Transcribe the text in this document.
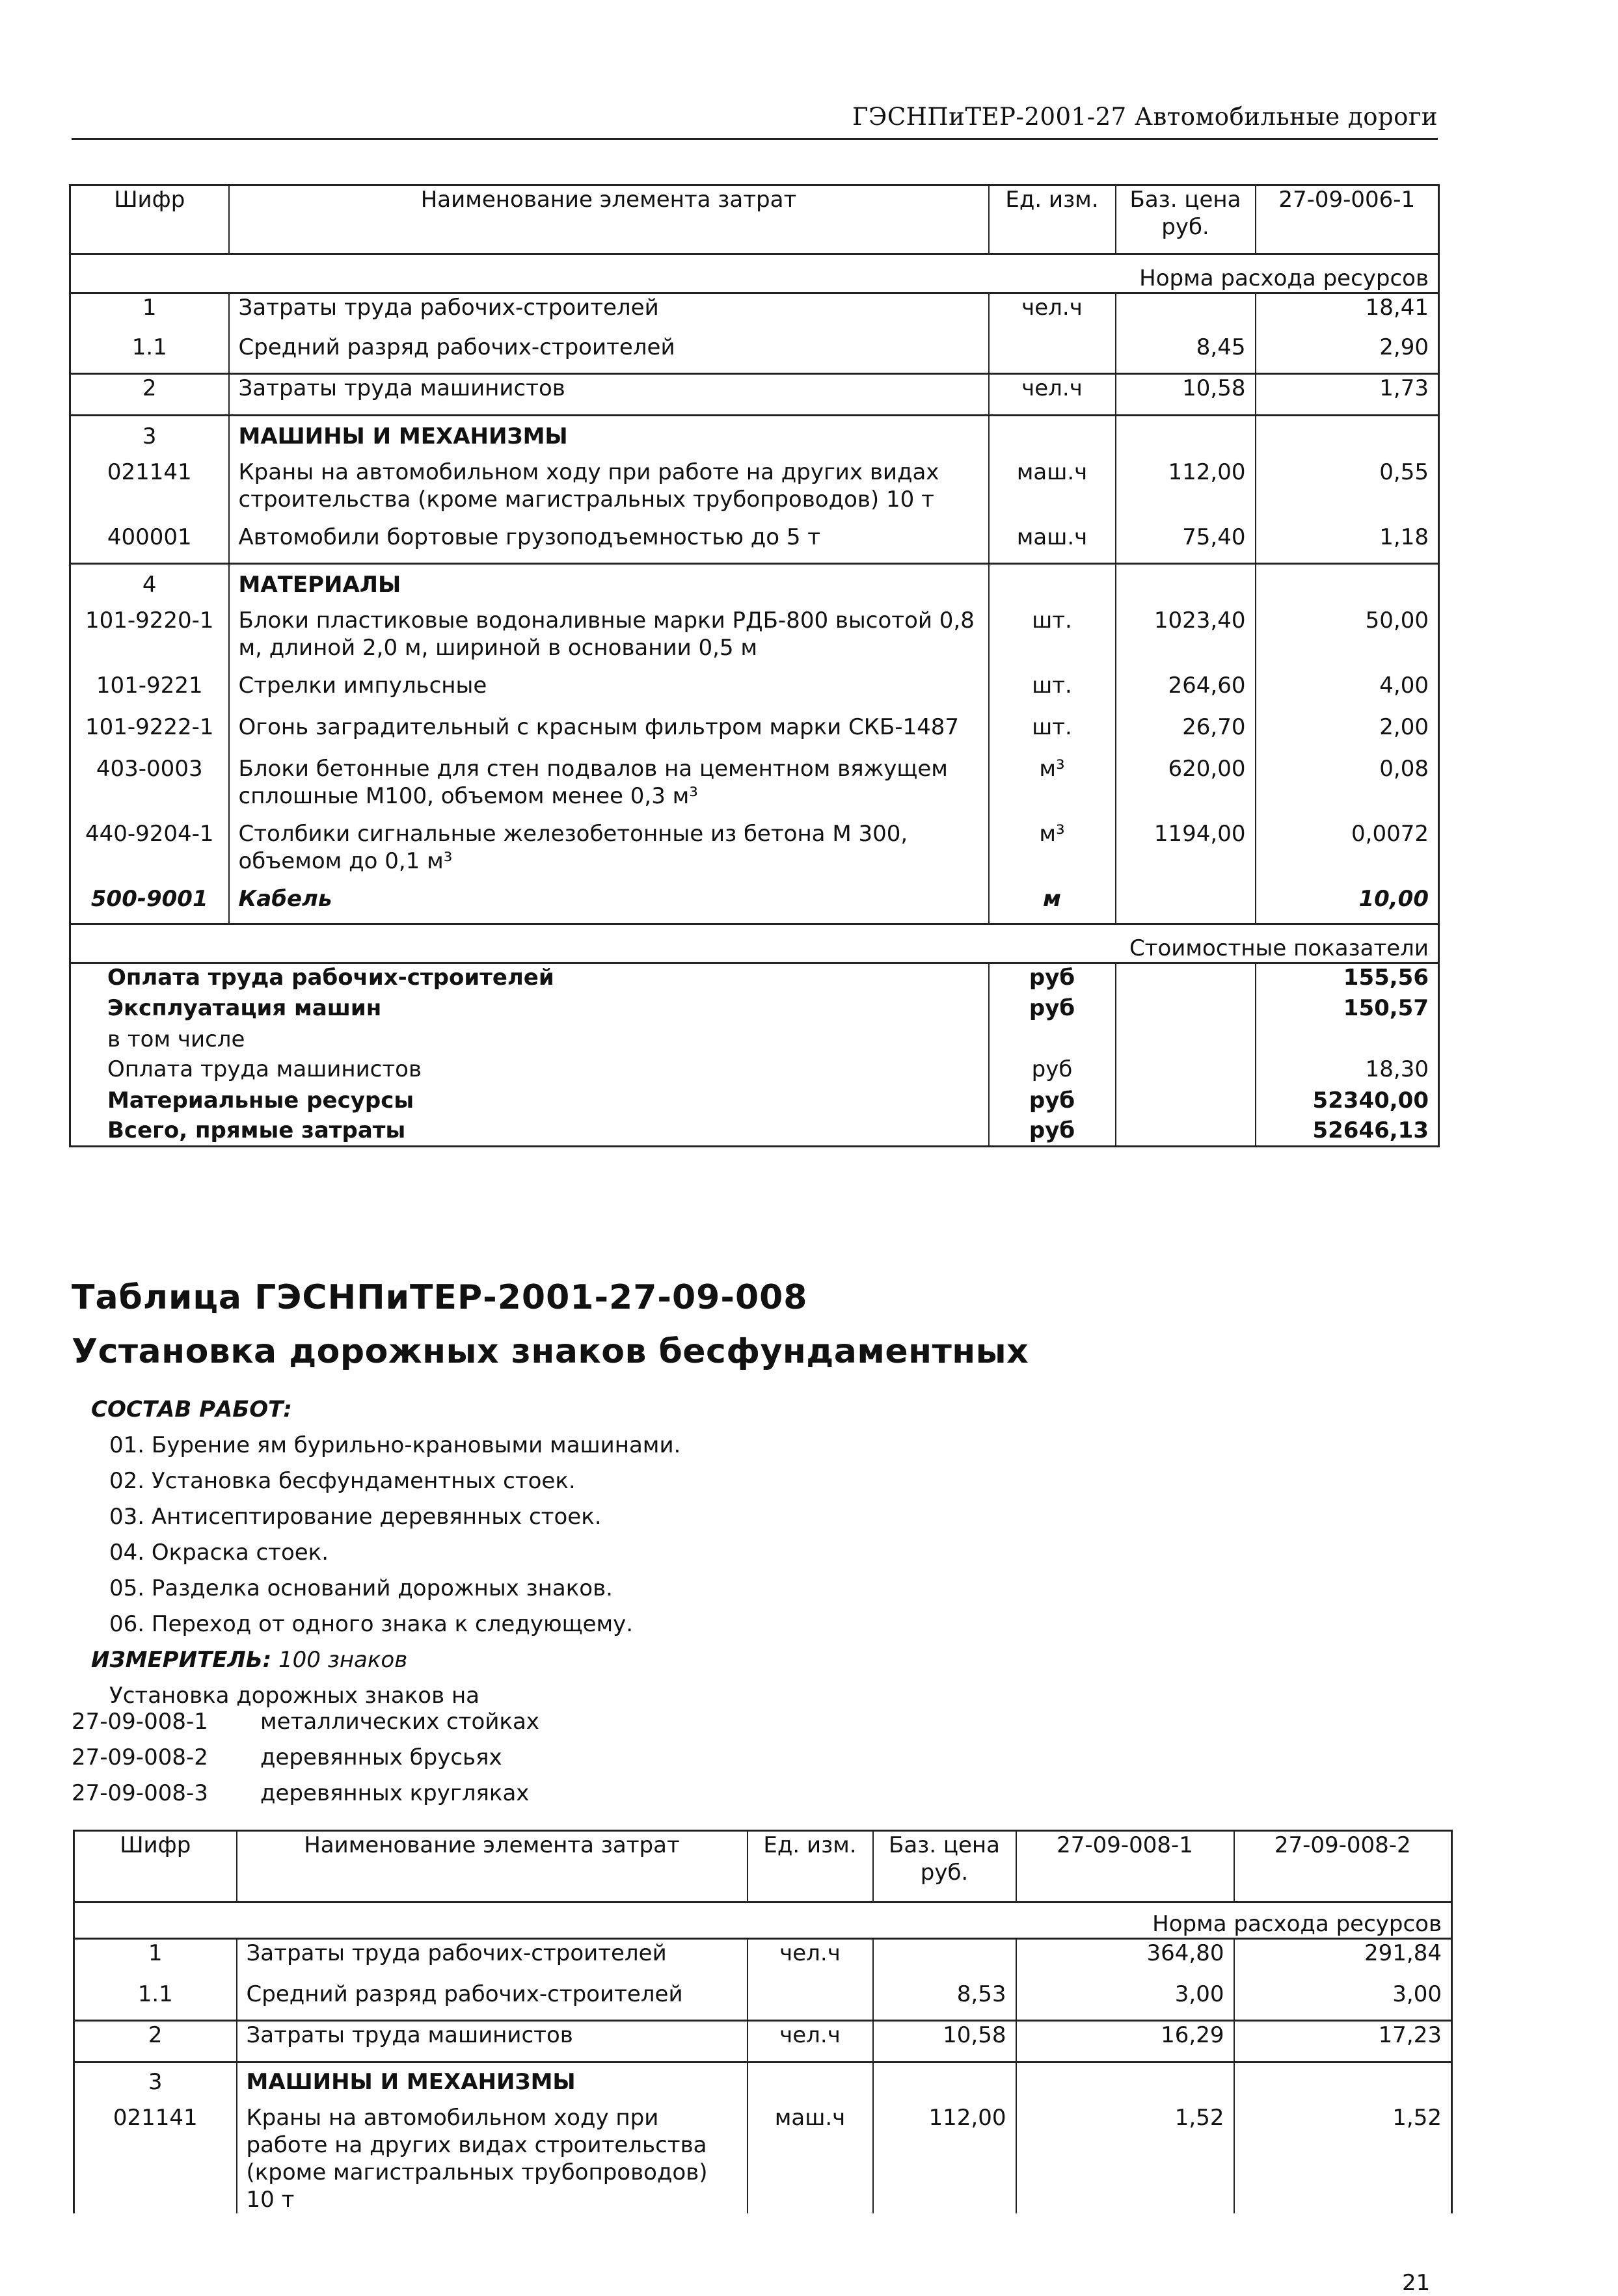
ГЭСНПиТЕР-2001-27 Автомобильные дороги
Шифр	Наименование элемента затрат	Ед. изм.	Баз. цена руб.	27-09-006-1
Норма расхода ресурсов				
1	Затраты труда рабочих-строителей	чел.ч		18,41
1.1	Средний разряд рабочих-строителей		8,45	2,90
2	Затраты труда машинистов	чел.ч	10,58	1,73
3	МАШИНЫ И МЕХАНИЗМЫ			
021141	Краны на автомобильном ходу при работе на других видах строительства (кроме магистральных трубопроводов) 10 т	маш.ч	112,00	0,55
400001	Автомобили бортовые грузоподъемностью до 5 т	маш.ч	75,40	1,18
4	МАТЕРИАЛЫ			
101-9220-1	Блоки пластиковые водоналивные марки РДБ-800 высотой 0,8 м, длиной 2,0 м, шириной в основании 0,5 м	шт.	1023,40	50,00
101-9221	Стрелки импульсные	шт.	264,60	4,00
101-9222-1	Огонь заградительный с красным фильтром марки СКБ-1487	шт.	26,70	2,00
403-0003	Блоки бетонные для стен подвалов на цементном вяжущем сплошные М100, объемом менее 0,3 м³	м³	620,00	0,08
440-9204-1	Столбики сигнальные железобетонные из бетона М 300, объемом до 0,1 м³	м³	1194,00	0,0072
500-9001	Кабель	м		10,00
Стоимостные показатели				
Оплата труда рабочих-строителей		руб		155,56
Эксплуатация машин		руб		150,57
в том числе				
Оплата труда машинистов		руб		18,30
Материальные ресурсы		руб		52340,00
Всего, прямые затраты		руб		52646,13
Таблица ГЭСНПиТЕР-2001-27-09-008
Установка дорожных знаков бесфундаментных
СОСТАВ РАБОТ:
01. Бурение ям бурильно-крановыми машинами.
02. Установка бесфундаментных стоек.
03. Антисептирование деревянных стоек.
04. Окраска стоек.
05. Разделка оснований дорожных знаков.
06. Переход от одного знака к следующему.
ИЗМЕРИТЕЛЬ: 100 знаков
Установка дорожных знаков на
27-09-008-1	металлических стойках
27-09-008-2	деревянных брусьях
27-09-008-3	деревянных кругляках
Шифр	Наименование элемента затрат	Ед. изм.	Баз. цена руб.	27-09-008-1	27-09-008-2
Норма расхода ресурсов					
1	Затраты труда рабочих-строителей	чел.ч		364,80	291,84
1.1	Средний разряд рабочих-строителей		8,53	3,00	3,00
2	Затраты труда машинистов	чел.ч	10,58	16,29	17,23
3	МАШИНЫ И МЕХАНИЗМЫ				
021141	Краны на автомобильном ходу при работе на других видах строительства (кроме магистральных трубопроводов) 10 т	маш.ч	112,00	1,52	1,52
21
